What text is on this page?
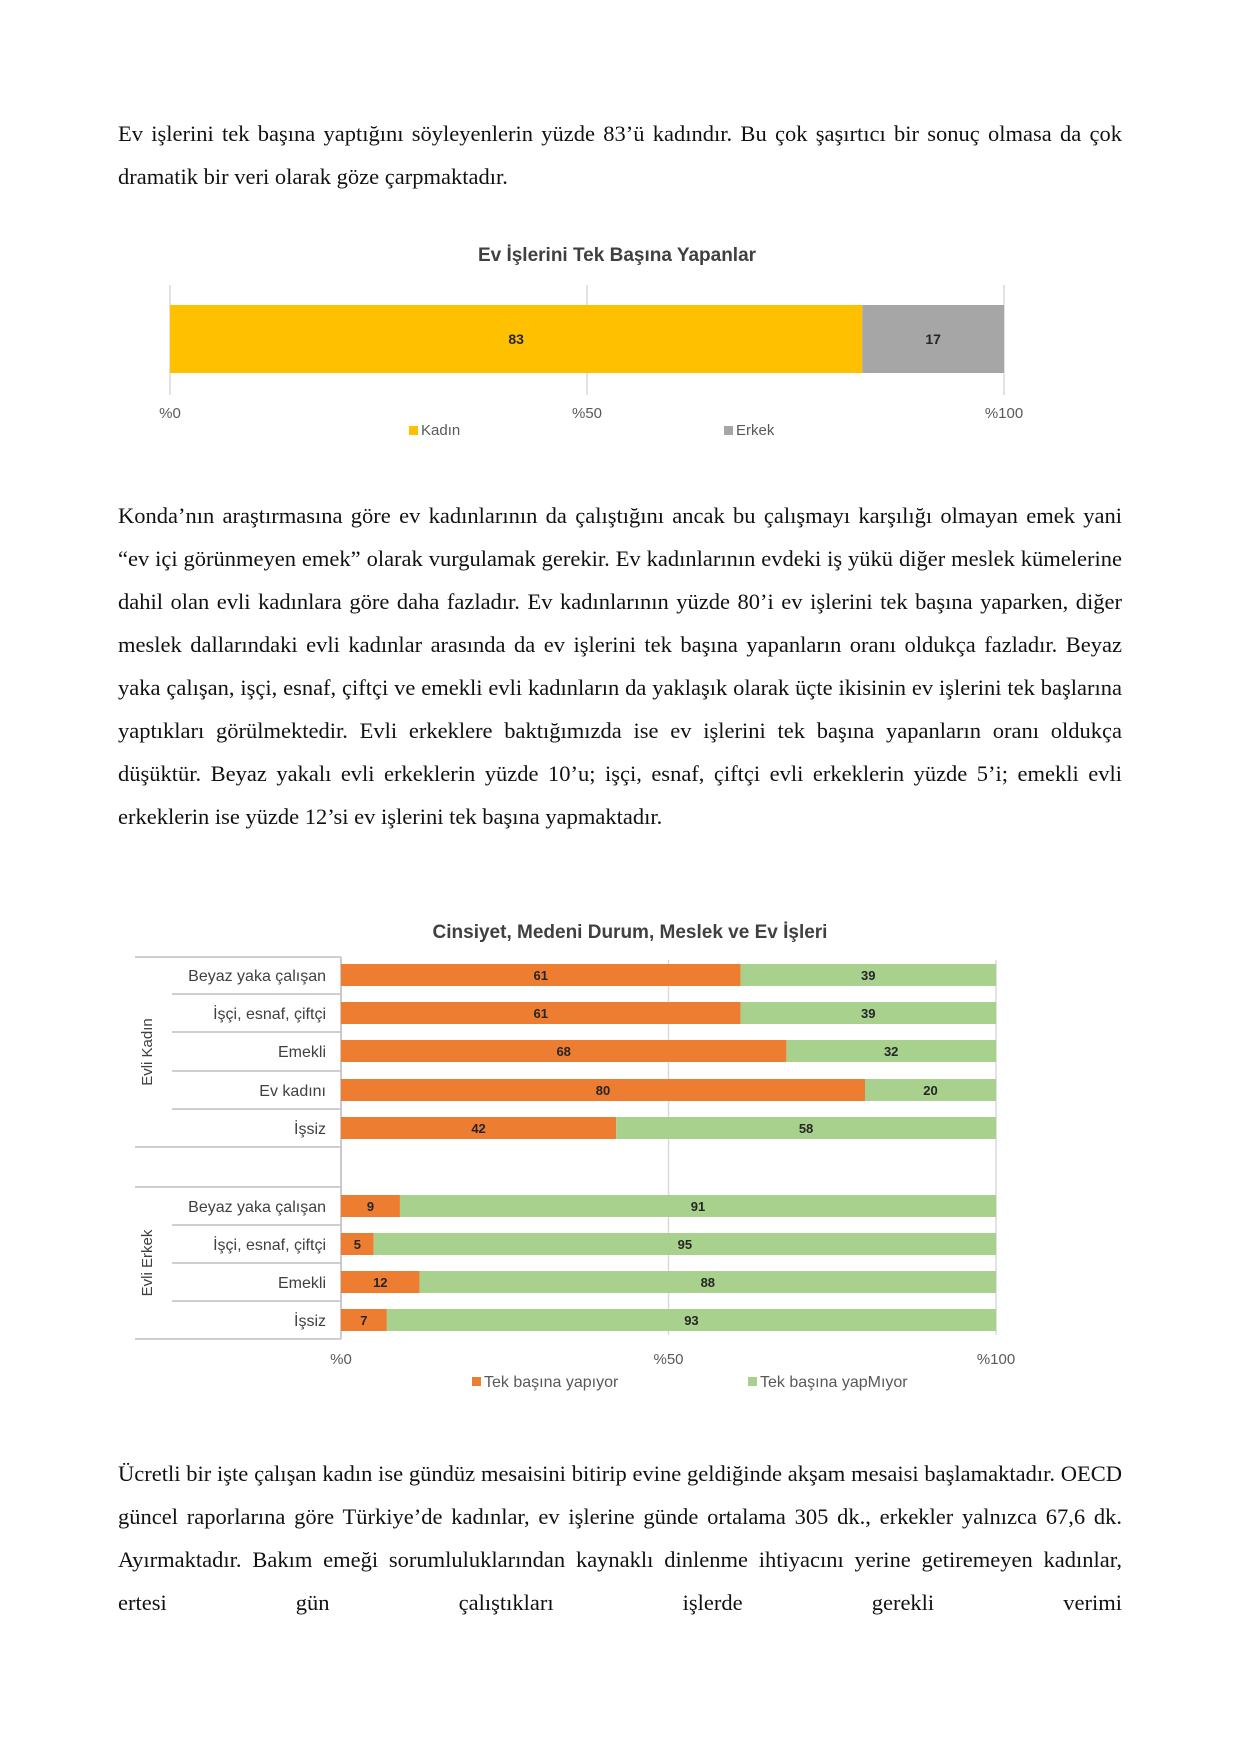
Ev işlerini tek başına yaptığını söyleyenlerin yüzde 83’ü kadındır. Bu çok şaşırtıcı bir sonuç olmasa da çok dramatik bir veri olarak göze çarpmaktadır.

Ev İşlerini Tek Başına Yapanlar
%0	%50	%100
83	17
Kadın	Erkek

Konda’nın araştırmasına göre ev kadınlarının da çalıştığını ancak bu çalışmayı karşılığı olmayan emek yani “ev içi görünmeyen emek” olarak vurgulamak gerekir. Ev kadınlarının evdeki iş yükü diğer meslek kümelerine dahil olan evli kadınlara göre daha fazladır. Ev kadınlarının yüzde 80’i ev işlerini tek başına yaparken, diğer meslek dallarındaki evli kadınlar arasında da ev işlerini tek başına yapanların oranı oldukça fazladır. Beyaz yaka çalışan, işçi, esnaf, çiftçi ve emekli evli kadınların da yaklaşık olarak üçte ikisinin ev işlerini tek başlarına yaptıkları görülmektedir. Evli erkeklere baktığımızda ise ev işlerini tek başına yapanların oranı oldukça düşüktür. Beyaz yakalı evli erkeklerin yüzde 10’u; işçi, esnaf, çiftçi evli erkeklerin yüzde 5’i; emekli evli erkeklerin ise yüzde 12’si ev işlerini tek başına yapmaktadır.

Cinsiyet, Medeni Durum, Meslek ve Ev İşleri
%0	%50	%100
Evli Kadın
Evli Erkek
Beyaz yaka çalışan
İşçi, esnaf, çiftçi
Emekli
Ev kadını
İşsiz
Beyaz yaka çalışan
İşçi, esnaf, çiftçi
Emekli
İşsiz
61	39
61	39
68	32
80	20
42	58
9	91
5	95
12	88
7	93
Tek başına yapıyor	Tek başına yapMıyor

Ücretli bir işte çalışan kadın ise gündüz mesaisini bitirip evine geldiğinde akşam mesaisi başlamaktadır. OECD güncel raporlarına göre Türkiye’de kadınlar, ev işlerine günde ortalama 305 dk., erkekler yalnızca 67,6 dk. Ayırmaktadır. Bakım emeği sorumluluklarından kaynaklı dinlenme ihtiyacını yerine getiremeyen kadınlar, ertesi gün çalıştıkları işlerde gerekli verimi
